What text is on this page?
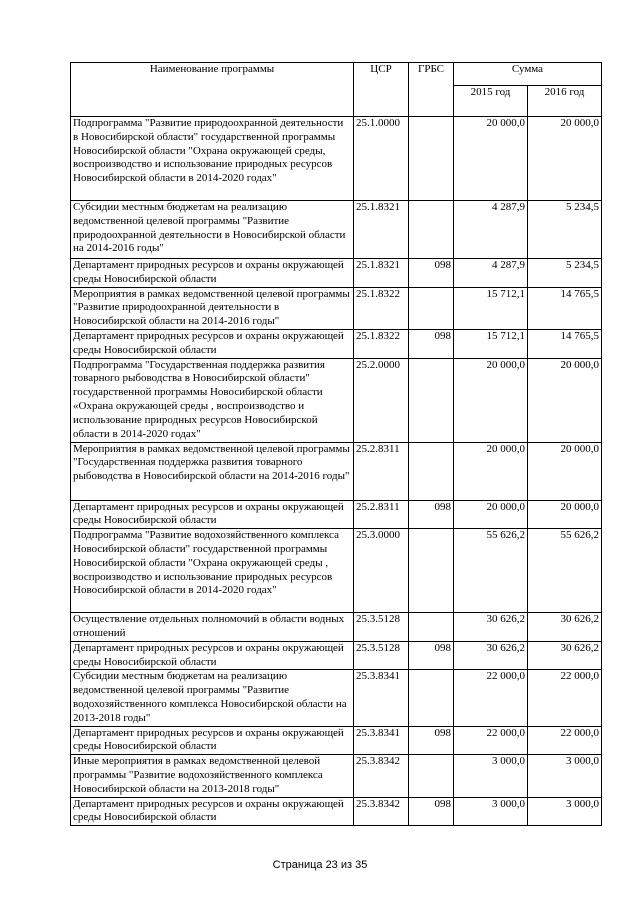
Наименование программы	ЦСР	ГРБС	Сумма	
			2015 год	2016 год
Подпрограмма "Развитие природоохранной деятельности в Новосибирской области" государственной программы Новосибирской области "Охрана окружающей среды, воспроизводство и использование природных ресурсов Новосибирской области в 2014-2020 годах"	25.1.0000		20 000,0	20 000,0
Субсидии местным бюджетам на реализацию ведомственной целевой программы "Развитие природоохранной деятельности в Новосибирской области на 2014-2016 годы"	25.1.8321		4 287,9	5 234,5
Департамент природных ресурсов и охраны окружающей среды Новосибирской области	25.1.8321	098	4 287,9	5 234,5
Мероприятия в рамках ведомственной целевой программы "Развитие природоохранной деятельности в Новосибирской области на 2014-2016 годы"	25.1.8322		15 712,1	14 765,5
Департамент природных ресурсов и охраны окружающей среды Новосибирской области	25.1.8322	098	15 712,1	14 765,5
Подпрограмма "Государственная поддержка развития товарного рыбоводства в Новосибирской области" государственной программы Новосибирской области «Охрана окружающей среды , воспроизводство и использование природных ресурсов Новосибирской области в 2014-2020 годах"	25.2.0000		20 000,0	20 000,0
Мероприятия в рамках ведомственной целевой программы "Государственная поддержка развития товарного рыбоводства в Новосибирской области на 2014-2016 годы"	25.2.8311		20 000,0	20 000,0
Департамент природных ресурсов и охраны окружающей среды Новосибирской области	25.2.8311	098	20 000,0	20 000,0
Подпрограмма "Развитие водохозяйственного комплекса Новосибирской области" государственной программы Новосибирской области "Охрана окружающей среды , воспроизводство и использование природных ресурсов Новосибирской области в 2014-2020 годах"	25.3.0000		55 626,2	55 626,2
Осуществление отдельных полномочий в области водных отношений	25.3.5128		30 626,2	30 626,2
Департамент природных ресурсов и охраны окружающей среды Новосибирской области	25.3.5128	098	30 626,2	30 626,2
Субсидии местным бюджетам на реализацию ведомственной целевой программы "Развитие водохозяйственного комплекса Новосибирской области на 2013-2018 годы"	25.3.8341		22 000,0	22 000,0
Департамент природных ресурсов и охраны окружающей среды Новосибирской области	25.3.8341	098	22 000,0	22 000,0
Иные мероприятия в рамках ведомственной целевой программы "Развитие водохозяйственного комплекса Новосибирской области на 2013-2018 годы"	25.3.8342		3 000,0	3 000,0
Департамент природных ресурсов и охраны окружающей среды Новосибирской области	25.3.8342	098	3 000,0	3 000,0
Страница 23 из 35
